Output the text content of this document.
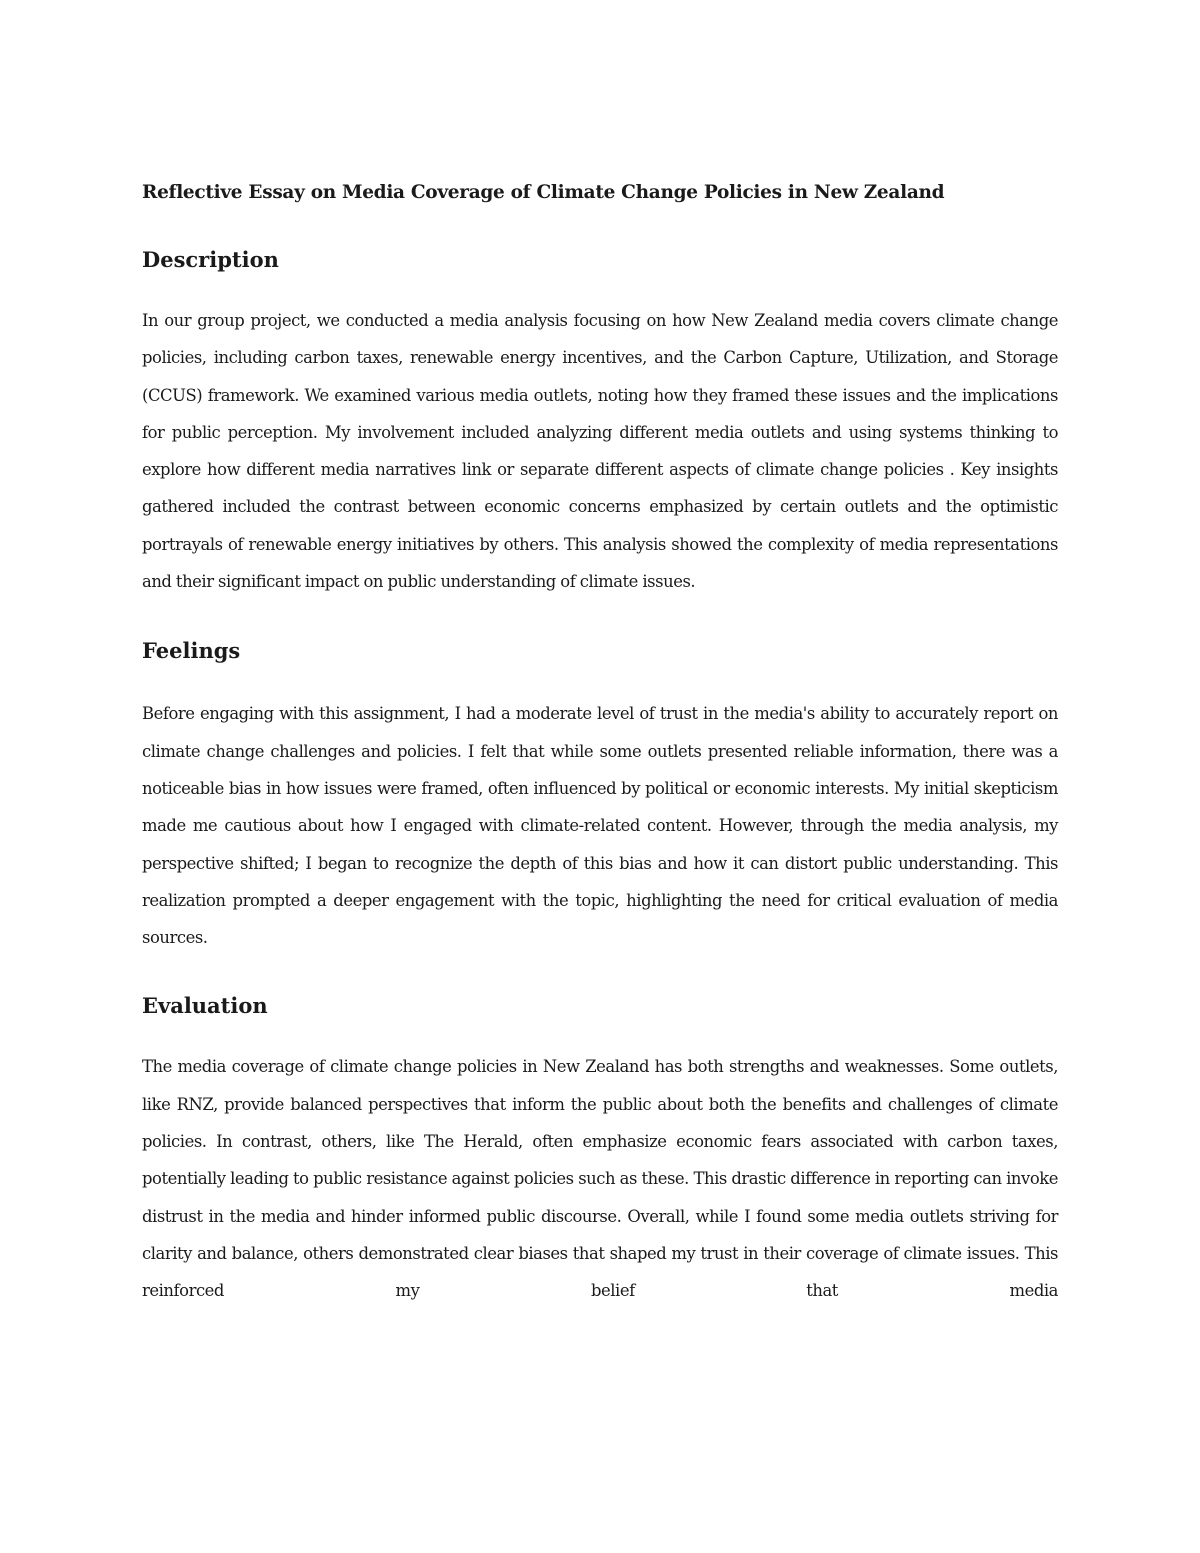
Reflective Essay on Media Coverage of Climate Change Policies in New Zealand
Description

In our group project, we conducted a media analysis focusing on how New Zealand media covers climate change policies, including carbon taxes, renewable energy incentives, and the Carbon Capture, Utilization, and Storage (CCUS) framework. We examined various media outlets, noting how they framed these issues and the implications for public perception. My involvement included analyzing different media outlets and using systems thinking to explore how different media narratives link or separate different aspects of climate change policies . Key insights gathered included the contrast between economic concerns emphasized by certain outlets and the optimistic portrayals of renewable energy initiatives by others. This analysis showed the complexity of media representations and their significant impact on public understanding of climate issues.

Feelings

Before engaging with this assignment, I had a moderate level of trust in the media's ability to accurately report on climate change challenges and policies. I felt that while some outlets presented reliable information, there was a noticeable bias in how issues were framed, often influenced by political or economic interests. My initial skepticism made me cautious about how I engaged with climate-related content. However, through the media analysis, my perspective shifted; I began to recognize the depth of this bias and how it can distort public understanding. This realization prompted a deeper engagement with the topic, highlighting the need for critical evaluation of media sources.

Evaluation

The media coverage of climate change policies in New Zealand has both strengths and weaknesses. Some outlets, like RNZ, provide balanced perspectives that inform the public about both the benefits and challenges of climate policies. In contrast, others, like The Herald, often emphasize economic fears associated with carbon taxes, potentially leading to public resistance against policies such as these. This drastic difference in reporting can invoke distrust in the media and hinder informed public discourse. Overall, while I found some media outlets striving for clarity and balance, others demonstrated clear biases that shaped my trust in their coverage of climate issues. This reinforced my belief that media
